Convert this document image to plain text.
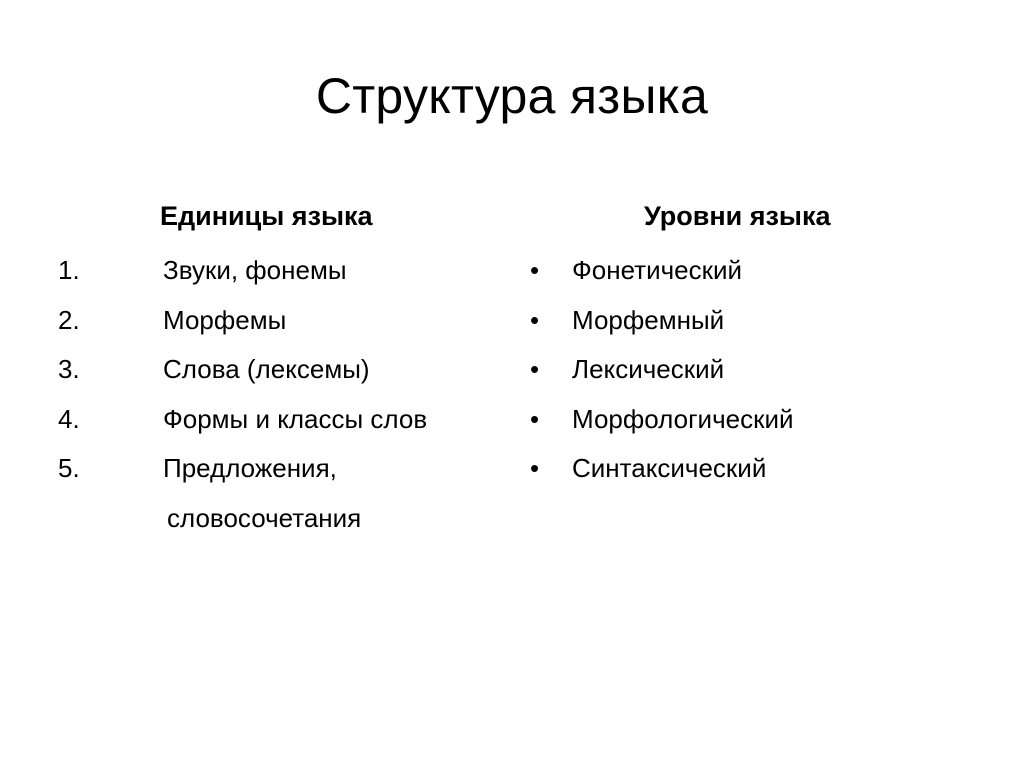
Структура языка
Единицы языка
1.	Звуки, фонемы
2.	Морфемы
3.	Слова (лексемы)
4.	Формы и классы слов
5.	Предложения,
словосочетания
Уровни языка
• Фонетический
• Морфемный
• Лексический
• Морфологический
• Синтаксический
